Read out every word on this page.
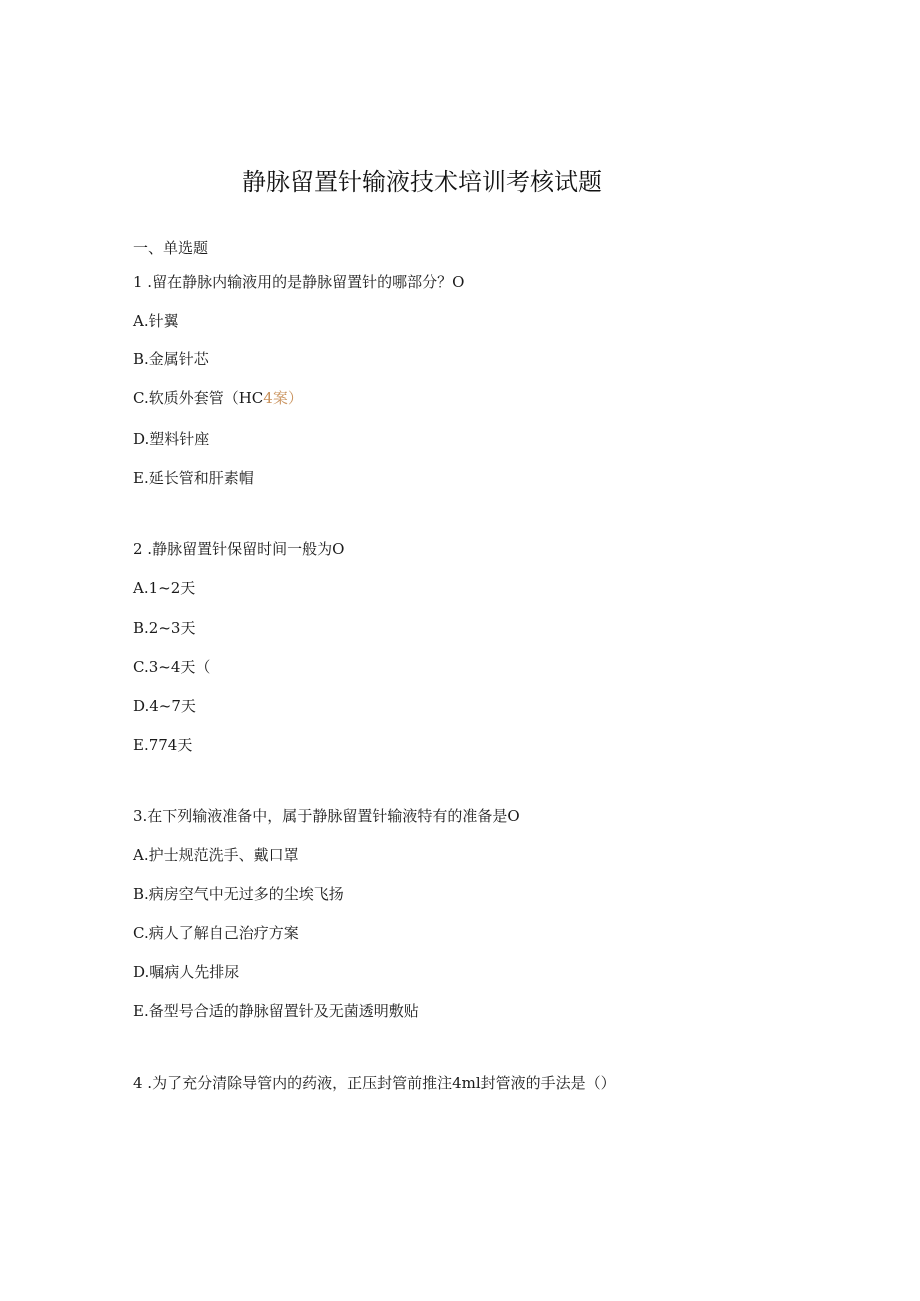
静脉留置针输液技术培训考核试题
一、单选题
1 .留在静脉内输液用的是静脉留置针的哪部分？O
A.针翼
B.金属针芯
C.软质外套管（HC4案）
D.塑料针座
E.延长管和肝素帽
2 .静脉留置针保留时间一般为O
A.1~2天
B.2~3天
C.3~4天（
D.4~7天
E.774天
3.在下列输液准备中，属于静脉留置针输液特有的准备是O
A.护士规范洗手、戴口罩
B.病房空气中无过多的尘埃飞扬
C.病人了解自己治疗方案
D.嘱病人先排尿
E.备型号合适的静脉留置针及无菌透明敷贴
4 .为了充分清除导管内的药液，正压封管前推注4ml封管液的手法是（）
